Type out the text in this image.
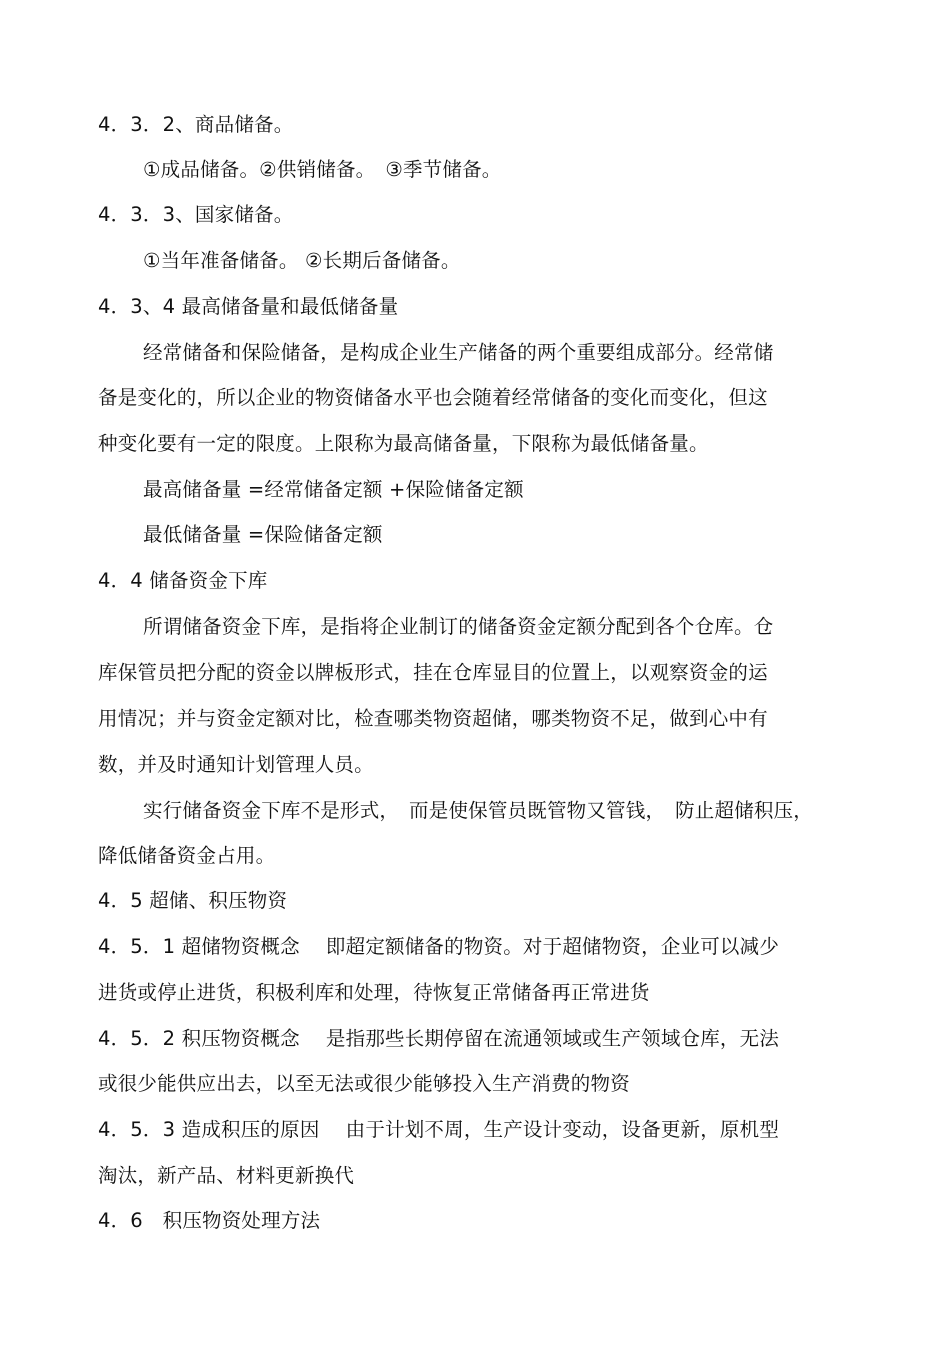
4．3．2、商品储备。
①成品储备。②供销储备。　③季节储备。
4．3．3、国家储备。
①当年准备储备。 ②长期后备储备。
4．3、4 最高储备量和最低储备量
经常储备和保险储备，是构成企业生产储备的两个重要组成部分。经常储
备是变化的，所以企业的物资储备水平也会随着经常储备的变化而变化，但这
种变化要有一定的限度。上限称为最高储备量，下限称为最低储备量。
最高储备量 =经常储备定额 +保险储备定额
最低储备量 =保险储备定额
4．4 储备资金下库
所谓储备资金下库，是指将企业制订的储备资金定额分配到各个仓库。仓
库保管员把分配的资金以牌板形式，挂在仓库显目的位置上，以观察资金的运
用情况；并与资金定额对比，检查哪类物资超储，哪类物资不足，做到心中有
数，并及时通知计划管理人员。
实行储备资金下库不是形式，　而是使保管员既管物又管钱，　防止超储积压，
降低储备资金占用。
4．5 超储、积压物资
4．5．1 超储物资概念　 即超定额储备的物资。对于超储物资，企业可以减少
进货或停止进货，积极利库和处理，待恢复正常储备再正常进货
4．5．2 积压物资概念　 是指那些长期停留在流通领域或生产领域仓库，无法
或很少能供应出去，以至无法或很少能够投入生产消费的物资
4．5．3 造成积压的原因　 由于计划不周，生产设计变动，设备更新，原机型
淘汰，新产品、材料更新换代
4．6　积压物资处理方法
